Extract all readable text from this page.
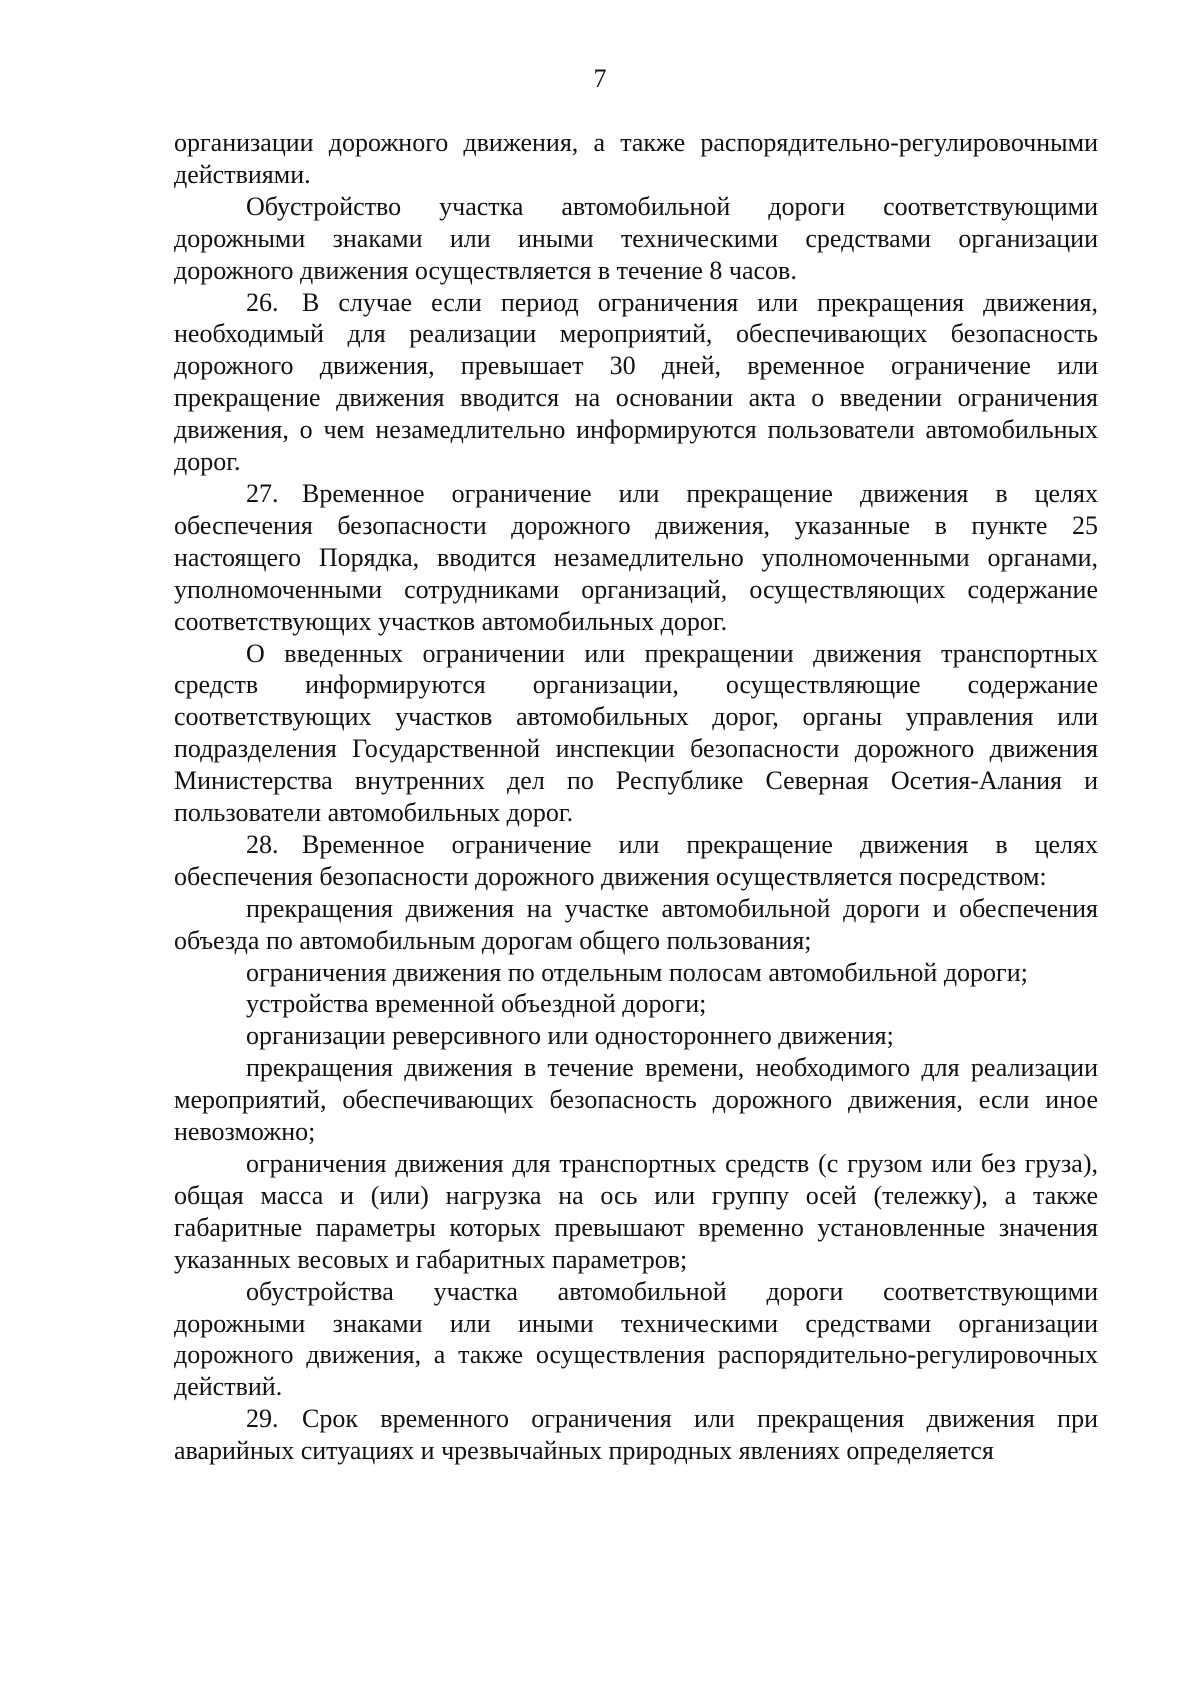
7

организации дорожного движения, а также распорядительно-регулировочными действиями.

Обустройство участка автомобильной дороги соответствующими дорожными знаками или иными техническими средствами организации дорожного движения осуществляется в течение 8 часов.

26. В случае если период ограничения или прекращения движения, необходимый для реализации мероприятий, обеспечивающих безопасность дорожного движения, превышает 30 дней, временное ограничение или прекращение движения вводится на основании акта о введении ограничения движения, о чем незамедлительно информируются пользователи автомобильных дорог.

27. Временное ограничение или прекращение движения в целях обеспечения безопасности дорожного движения, указанные в пункте 25 настоящего Порядка, вводится незамедлительно уполномоченными органами, уполномоченными сотрудниками организаций, осуществляющих содержание соответствующих участков автомобильных дорог.

О введенных ограничении или прекращении движения транспортных средств информируются организации, осуществляющие содержание соответствующих участков автомобильных дорог, органы управления или подразделения Государственной инспекции безопасности дорожного движения Министерства внутренних дел по Республике Северная Осетия-Алания и пользователи автомобильных дорог.

28. Временное ограничение или прекращение движения в целях обеспечения безопасности дорожного движения осуществляется посредством:

прекращения движения на участке автомобильной дороги и обеспечения объезда по автомобильным дорогам общего пользования;

ограничения движения по отдельным полосам автомобильной дороги;

устройства временной объездной дороги;

организации реверсивного или одностороннего движения;

прекращения движения в течение времени, необходимого для реализации мероприятий, обеспечивающих безопасность дорожного движения, если иное невозможно;

ограничения движения для транспортных средств (с грузом или без груза), общая масса и (или) нагрузка на ось или группу осей (тележку), а также габаритные параметры которых превышают временно установленные значения указанных весовых и габаритных параметров;

обустройства участка автомобильной дороги соответствующими дорожными знаками или иными техническими средствами организации дорожного движения, а также осуществления распорядительно-регулировочных действий.

29. Срок временного ограничения или прекращения движения при аварийных ситуациях и чрезвычайных природных явлениях определяется
